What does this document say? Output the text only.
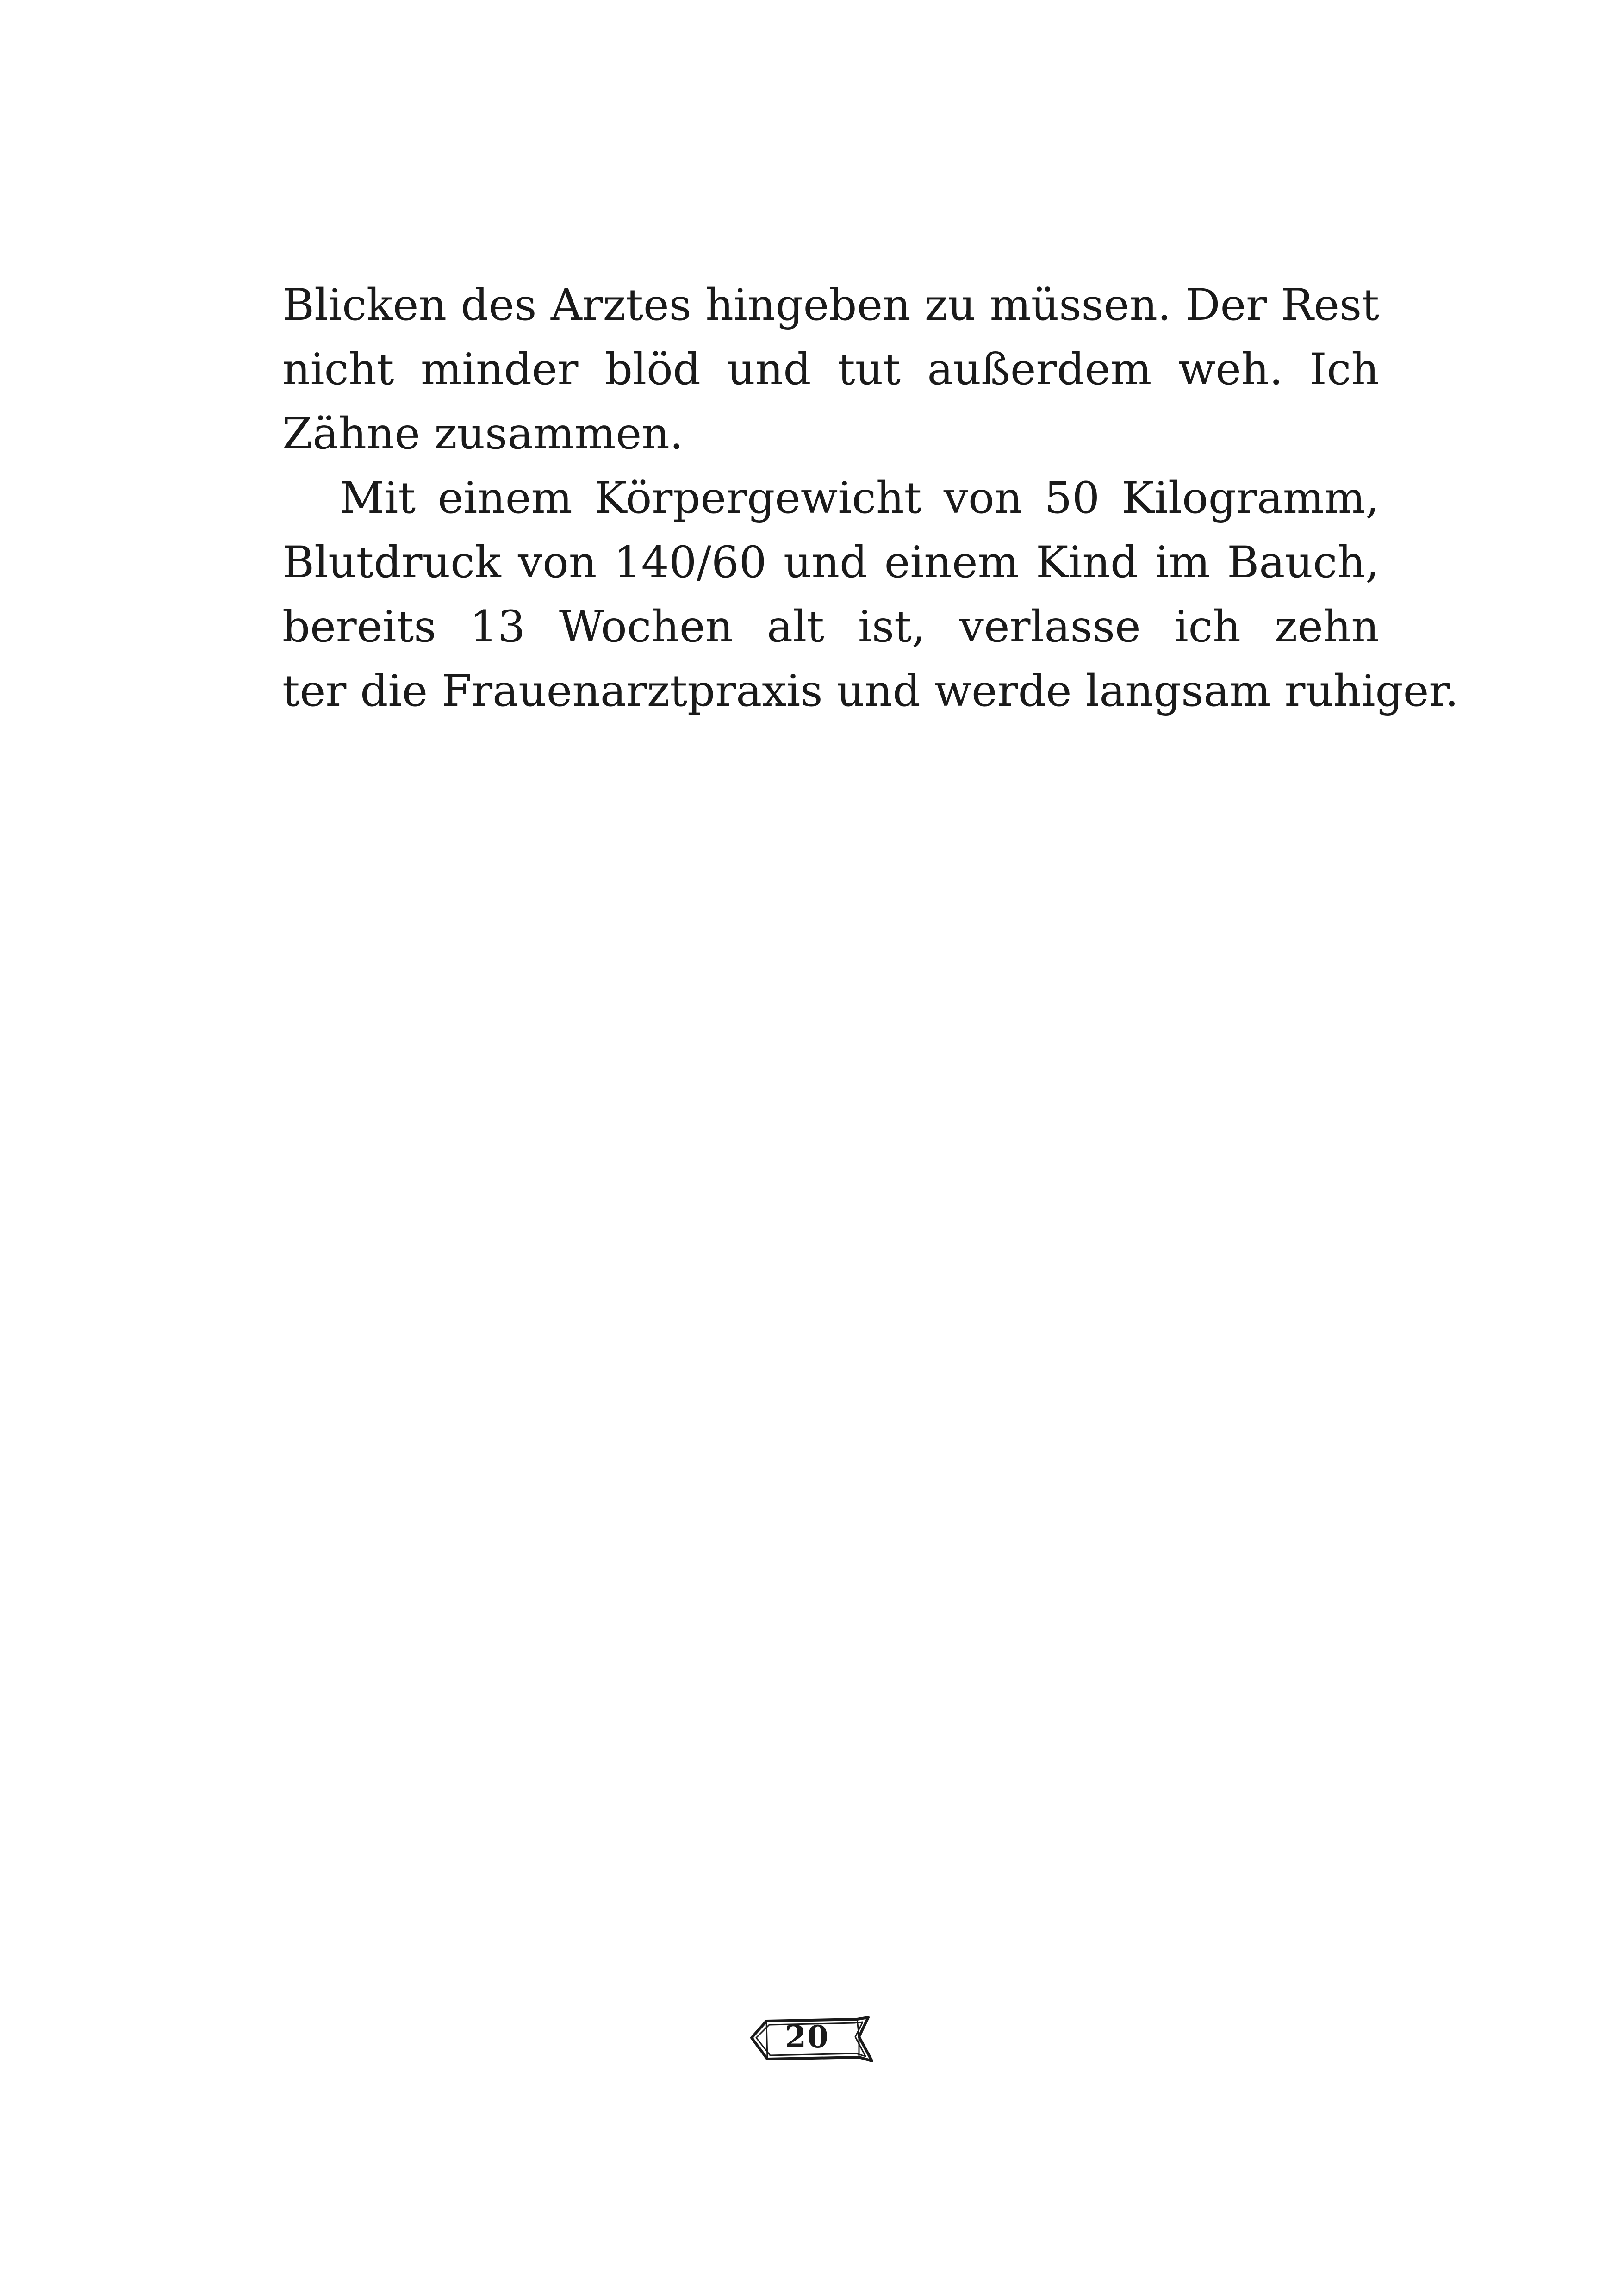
Blicken des Arztes hingeben zu müssen. Der Rest
nicht minder blöd und tut außerdem weh. Ich
Zähne zusammen.
Mit einem Körpergewicht von 50 Kilogramm,
Blutdruck von 140/60 und einem Kind im Bauch,
bereits 13 Wochen alt ist, verlasse ich zehn
ter die Frauenarztpraxis und werde langsam ruhiger.
20
